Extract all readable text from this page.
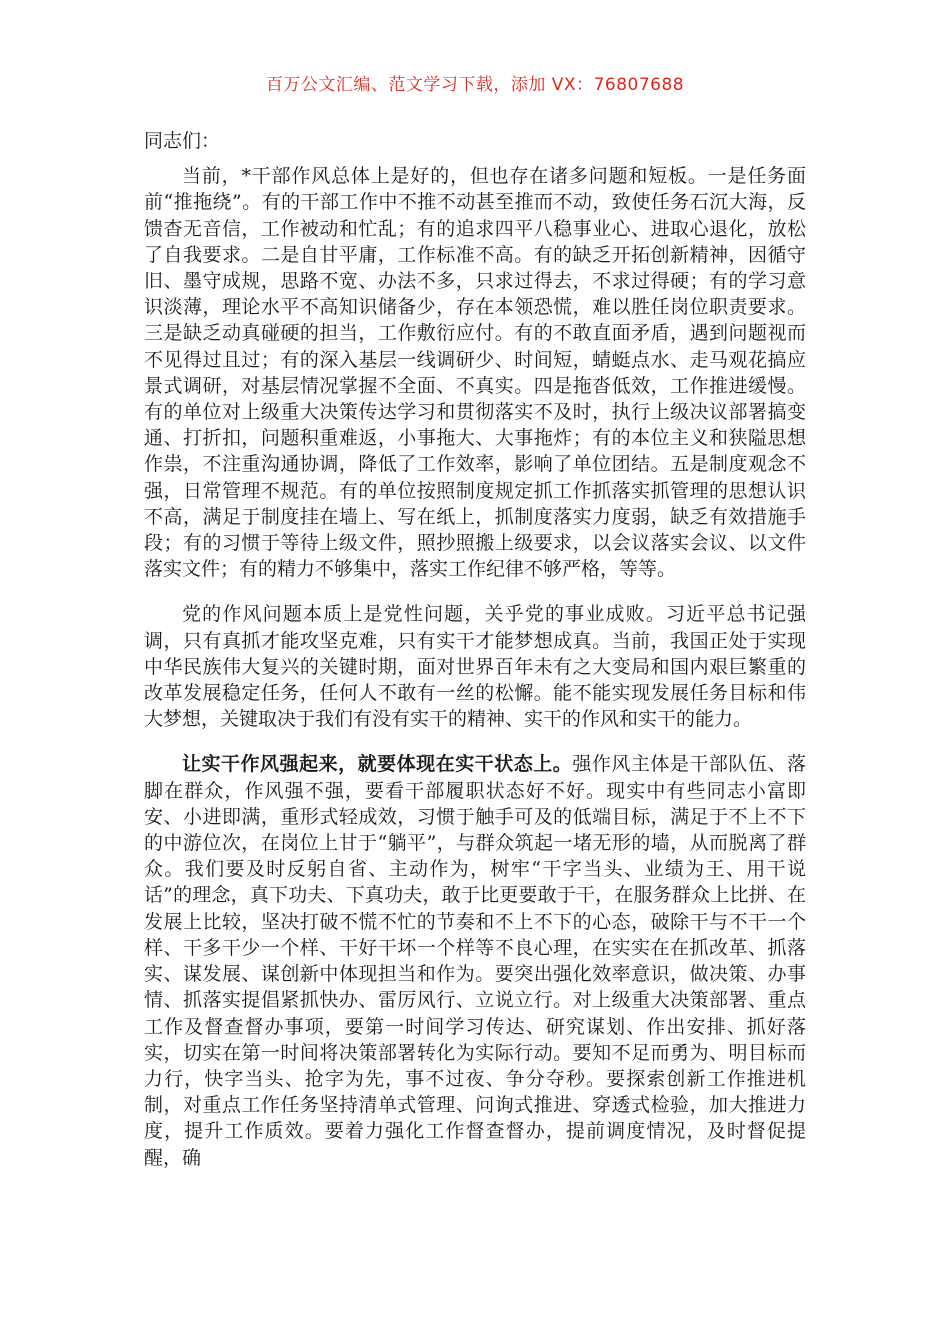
百万公文汇编、范文学习下载，添加 VX：76807688

同志们：

当前，*干部作风总体上是好的，但也存在诸多问题和短板。一是任务面前“推拖绕”。有的干部工作中不推不动甚至推而不动，致使任务石沉大海，反馈杳无音信，工作被动和忙乱；有的追求四平八稳事业心、进取心退化，放松了自我要求。二是自甘平庸，工作标准不高。有的缺乏开拓创新精神，因循守旧、墨守成规，思路不宽、办法不多，只求过得去，不求过得硬；有的学习意识淡薄，理论水平不高知识储备少，存在本领恐慌，难以胜任岗位职责要求。三是缺乏动真碰硬的担当，工作敷衍应付。有的不敢直面矛盾，遇到问题视而不见得过且过；有的深入基层一线调研少、时间短，蜻蜓点水、走马观花搞应景式调研，对基层情况掌握不全面、不真实。四是拖沓低效，工作推进缓慢。有的单位对上级重大决策传达学习和贯彻落实不及时，执行上级决议部署搞变通、打折扣，问题积重难返，小事拖大、大事拖炸；有的本位主义和狭隘思想作祟，不注重沟通协调，降低了工作效率，影响了单位团结。五是制度观念不强，日常管理不规范。有的单位按照制度规定抓工作抓落实抓管理的思想认识不高，满足于制度挂在墙上、写在纸上，抓制度落实力度弱，缺乏有效措施手段；有的习惯于等待上级文件，照抄照搬上级要求，以会议落实会议、以文件落实文件；有的精力不够集中，落实工作纪律不够严格，等等。

党的作风问题本质上是党性问题，关乎党的事业成败。习近平总书记强调，只有真抓才能攻坚克难，只有实干才能梦想成真。当前，我国正处于实现中华民族伟大复兴的关键时期，面对世界百年未有之大变局和国内艰巨繁重的改革发展稳定任务，任何人不敢有一丝的松懈。能不能实现发展任务目标和伟大梦想，关键取决于我们有没有实干的精神、实干的作风和实干的能力。

让实干作风强起来，就要体现在实干状态上。强作风主体是干部队伍、落脚在群众，作风强不强，要看干部履职状态好不好。现实中有些同志小富即安、小进即满，重形式轻成效，习惯于触手可及的低端目标，满足于不上不下的中游位次，在岗位上甘于“躺平”，与群众筑起一堵无形的墙，从而脱离了群众。我们要及时反躬自省、主动作为，树牢“干字当头、业绩为王、用干说话”的理念，真下功夫、下真功夫，敢于比更要敢于干，在服务群众上比拼、在发展上比较，坚决打破不慌不忙的节奏和不上不下的心态，破除干与不干一个样、干多干少一个样、干好干坏一个样等不良心理，在实实在在抓改革、抓落实、谋发展、谋创新中体现担当和作为。要突出强化效率意识，做决策、办事情、抓落实提倡紧抓快办、雷厉风行、立说立行。对上级重大决策部署、重点工作及督查督办事项，要第一时间学习传达、研究谋划、作出安排、抓好落实，切实在第一时间将决策部署转化为实际行动。要知不足而勇为、明目标而力行，快字当头、抢字为先，事不过夜、争分夺秒。要探索创新工作推进机制，对重点工作任务坚持清单式管理、问询式推进、穿透式检验，加大推进力度，提升工作质效。要着力强化工作督查督办，提前调度情况，及时督促提醒，确
